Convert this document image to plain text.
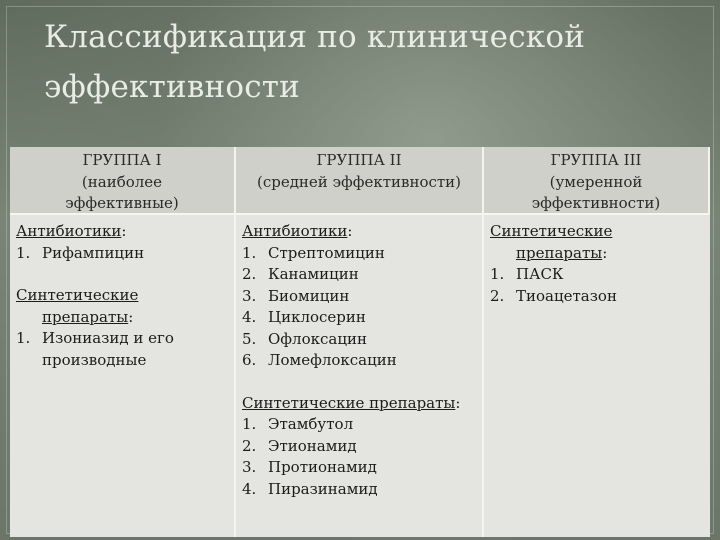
Классификация по клинической эффективности
ГРУППА I
(наиболее
эффективные)
ГРУППА II
(средней эффективности)
ГРУППА III
(умеренной
эффективности)
Антибиотики:
1. Рифампицин
Синтетические
препараты:
1. Изониазид и его
производные
Антибиотики:
1. Стрептомицин
2. Канамицин
3. Биомицин
4. Циклосерин
5. Офлоксацин
6. Ломефлоксацин
Синтетические препараты:
1. Этамбутол
2. Этионамид
3. Протионамид
4. Пиразинамид
Синтетические
препараты:
1. ПАСК
2. Тиоацетазон
